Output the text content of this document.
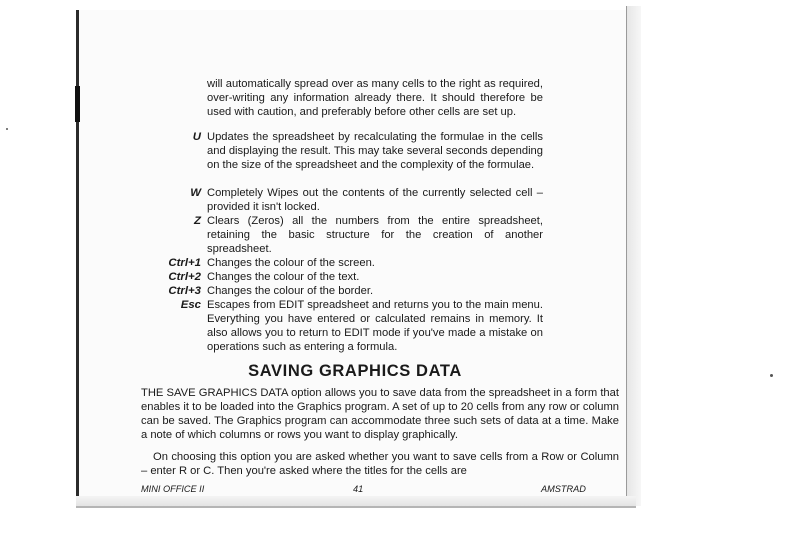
will automatically spread over as many cells to the right as required, over-writing any information already there. It should therefore be used with caution, and preferably before other cells are set up.

U Updates the spreadsheet by recalculating the formulae in the cells and displaying the result. This may take several seconds depending on the size of the spreadsheet and the complexity of the formulae.

W Completely Wipes out the contents of the currently selected cell – provided it isn't locked.

Z Clears (Zeros) all the numbers from the entire spreadsheet, retaining the basic structure for the creation of another spreadsheet.

Ctrl+1 Changes the colour of the screen.

Ctrl+2 Changes the colour of the text.

Ctrl+3 Changes the colour of the border.

Esc Escapes from EDIT spreadsheet and returns you to the main menu. Everything you have entered or calculated remains in memory. It also allows you to return to EDIT mode if you've made a mistake on operations such as entering a formula.

SAVING GRAPHICS DATA

THE SAVE GRAPHICS DATA option allows you to save data from the spreadsheet in a form that enables it to be loaded into the Graphics program. A set of up to 20 cells from any row or column can be saved. The Graphics program can accommodate three such sets of data at a time. Make a note of which columns or rows you want to display graphically.

On choosing this option you are asked whether you want to save cells from a Row or Column – enter R or C. Then you're asked where the titles for the cells are

MINI OFFICE II	41	AMSTRAD
